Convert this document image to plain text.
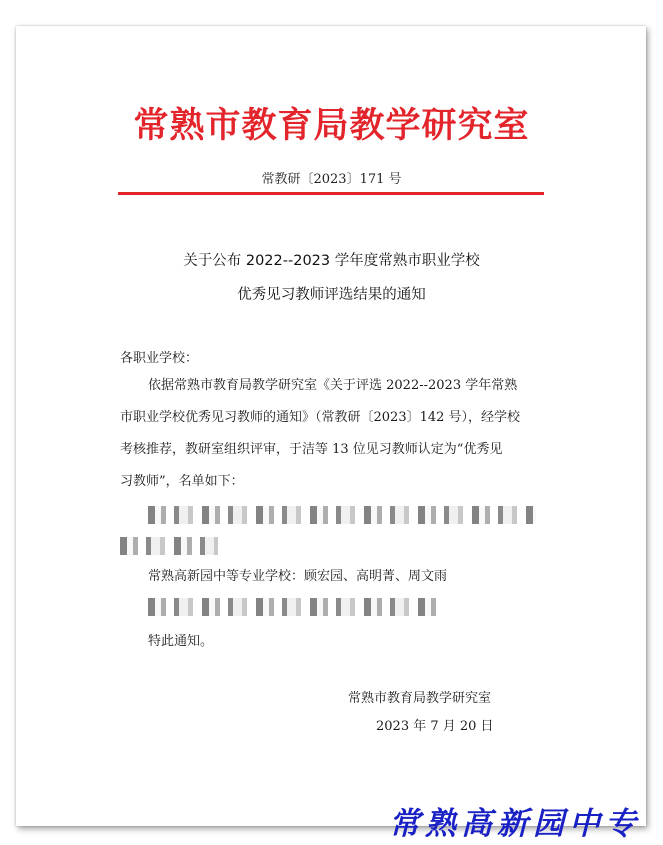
常熟市教育局教学研究室
常教研〔2023〕171 号
关于公布 2022--2023 学年度常熟市职业学校
优秀见习教师评选结果的通知
各职业学校：
依据常熟市教育局教学研究室《关于评选 2022--2023 学年常熟
市职业学校优秀见习教师的通知》（常教研〔2023〕142 号），经学校
考核推荐，教研室组织评审，于洁等 13 位见习教师认定为“优秀见
习教师”，名单如下：
常熟高新园中等专业学校：顾宏园、高明菁、周文雨
特此通知。
常熟市教育局教学研究室
2023 年 7 月 20 日
常熟高新园中专
